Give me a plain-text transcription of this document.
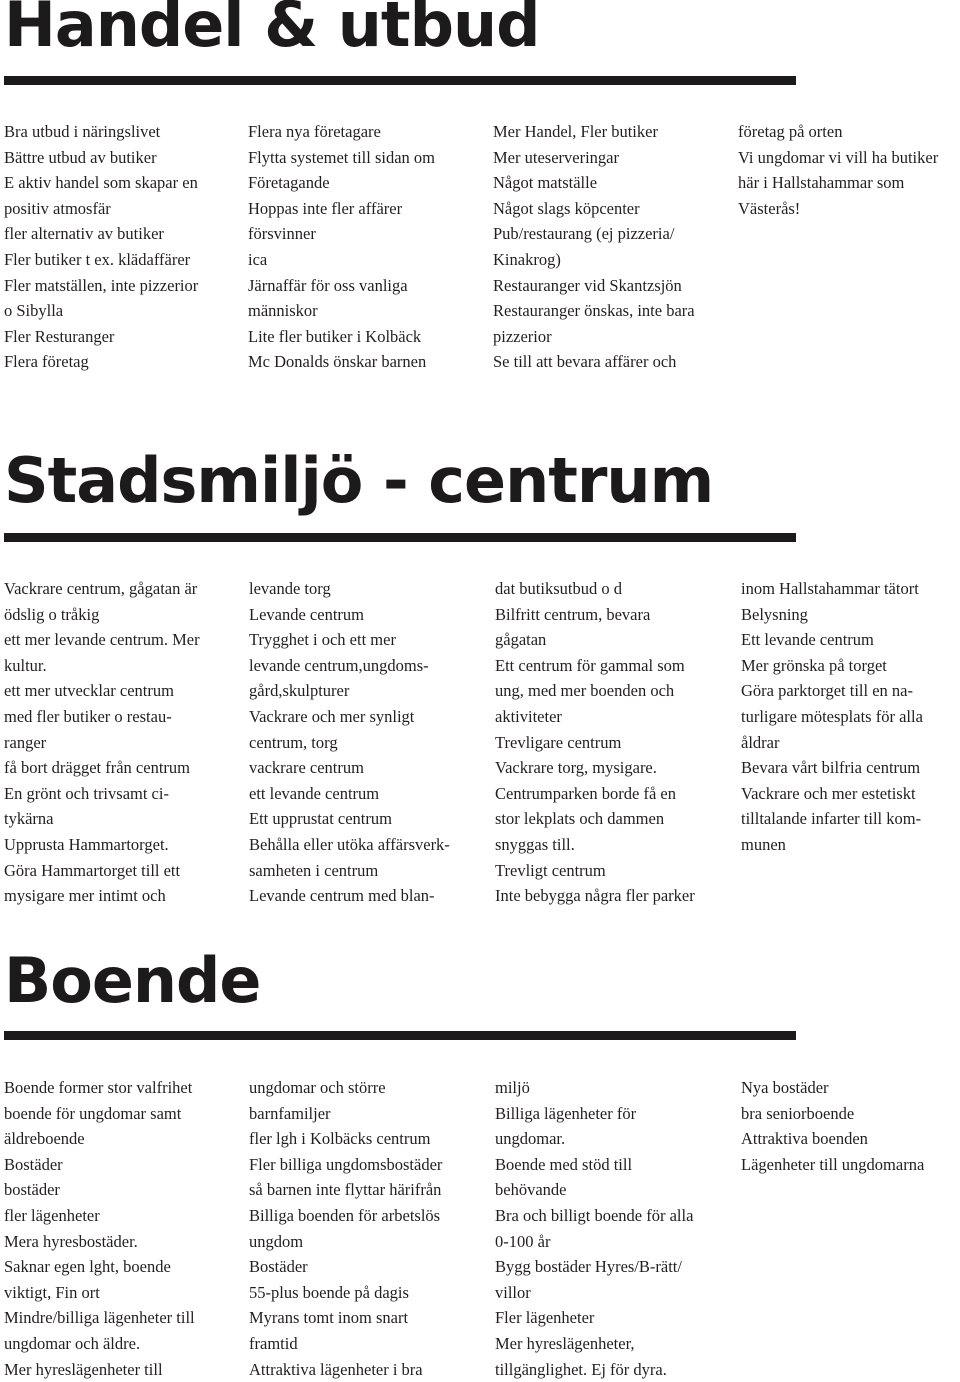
Handel & utbud
Bra utbud i näringslivet
Bättre utbud av butiker
E aktiv handel som skapar en
positiv atmosfär
fler alternativ av butiker
Fler butiker t ex. klädaffärer
Fler matställen, inte pizzerior
o Sibylla
Fler Resturanger
Flera företag
Flera nya företagare
Flytta systemet till sidan om
Företagande
Hoppas inte fler affärer
försvinner
ica
Järnaffär för oss vanliga
människor
Lite fler butiker i Kolbäck
Mc Donalds önskar barnen
Mer Handel, Fler butiker
Mer uteserveringar
Något matställe
Något slags köpcenter
Pub/restaurang (ej pizzeria/
Kinakrog)
Restauranger vid Skantzsjön
Restauranger önskas, inte bara
pizzerior
Se till att bevara affärer och
företag på orten
Vi ungdomar vi vill ha butiker
här i Hallstahammar som
Västerås!
Stadsmiljö - centrum
Vackrare centrum, gågatan är
ödslig o tråkig
ett mer levande centrum. Mer
kultur.
ett mer utvecklar centrum
med fler butiker o restau-
ranger
få bort drägget från centrum
En grönt och trivsamt ci-
tykärna
Upprusta Hammartorget.
Göra Hammartorget till ett
mysigare mer intimt och
levande torg
Levande centrum
Trygghet i och ett mer
levande centrum,ungdoms-
gård,skulpturer
Vackrare och mer synligt
centrum, torg
vackrare centrum
ett levande centrum
Ett upprustat centrum
Behålla eller utöka affärsverk-
samheten i centrum
Levande centrum med blan-
dat butiksutbud o d
Bilfritt centrum, bevara
gågatan
Ett centrum för gammal som
ung, med mer boenden och
aktiviteter
Trevligare centrum
Vackrare torg, mysigare.
Centrumparken borde få en
stor lekplats och dammen
snyggas till.
Trevligt centrum
Inte bebygga några fler parker
inom Hallstahammar tätort
Belysning
Ett levande centrum
Mer grönska på torget
Göra parktorget till en na-
turligare mötesplats för alla
åldrar
Bevara vårt bilfria centrum
Vackrare och mer estetiskt
tilltalande infarter till kom-
munen
Boende
Boende former stor valfrihet
boende för ungdomar samt
äldreboende
Bostäder
bostäder
fler lägenheter
Mera hyresbostäder.
Saknar egen lght, boende
viktigt, Fin ort
Mindre/billiga lägenheter till
ungdomar och äldre.
Mer hyreslägenheter till
ungdomar och större
barnfamiljer
fler lgh i Kolbäcks centrum
Fler billiga ungdomsbostäder
så barnen inte flyttar härifrån
Billiga boenden för arbetslös
ungdom
Bostäder
55-plus boende på dagis
Myrans tomt inom snart
framtid
Attraktiva lägenheter i bra
miljö
Billiga lägenheter för
ungdomar.
Boende med stöd till
behövande
Bra och billigt boende för alla
0-100 år
Bygg bostäder Hyres/B-rätt/
villor
Fler lägenheter
Mer hyreslägenheter,
tillgänglighet. Ej för dyra.
Nya bostäder
bra seniorboende
Attraktiva boenden
Lägenheter till ungdomarna
